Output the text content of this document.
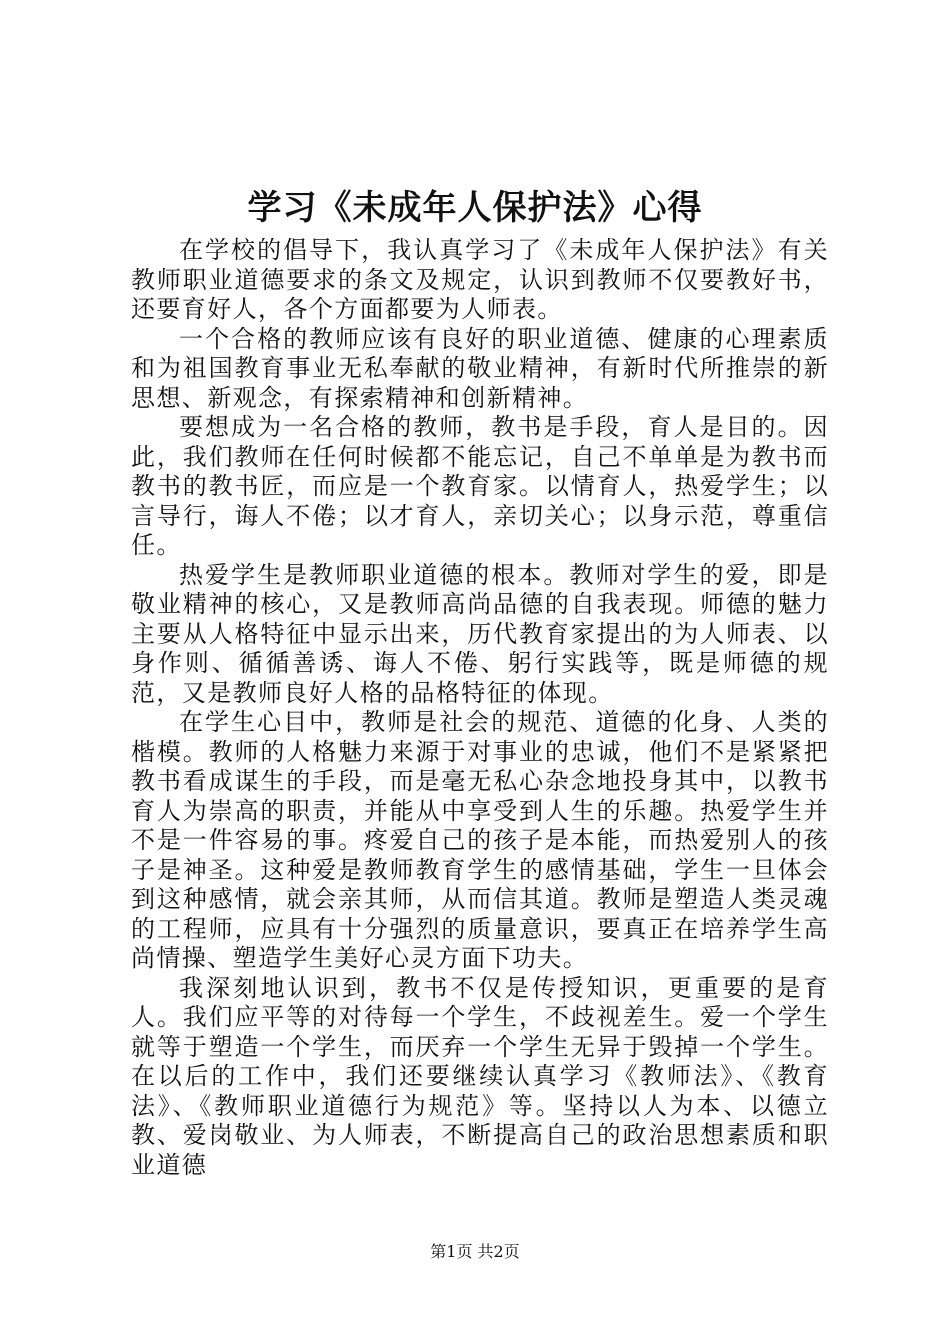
学习《未成年人保护法》心得

在学校的倡导下，我认真学习了《未成年人保护法》有关教师职业道德要求的条文及规定，认识到教师不仅要教好书，还要育好人，各个方面都要为人师表。

一个合格的教师应该有良好的职业道德、健康的心理素质和为祖国教育事业无私奉献的敬业精神，有新时代所推崇的新思想、新观念，有探索精神和创新精神。

要想成为一名合格的教师，教书是手段，育人是目的。因此，我们教师在任何时候都不能忘记，自己不单单是为教书而教书的教书匠，而应是一个教育家。以情育人，热爱学生；以言导行，诲人不倦；以才育人，亲切关心；以身示范，尊重信任。

热爱学生是教师职业道德的根本。教师对学生的爱，即是敬业精神的核心，又是教师高尚品德的自我表现。师德的魅力主要从人格特征中显示出来，历代教育家提出的为人师表、以身作则、循循善诱、诲人不倦、躬行实践等，既是师德的规范，又是教师良好人格的品格特征的体现。

在学生心目中，教师是社会的规范、道德的化身、人类的楷模。教师的人格魅力来源于对事业的忠诚，他们不是紧紧把教书看成谋生的手段，而是毫无私心杂念地投身其中，以教书育人为崇高的职责，并能从中享受到人生的乐趣。热爱学生并不是一件容易的事。疼爱自己的孩子是本能，而热爱别人的孩子是神圣。这种爱是教师教育学生的感情基础，学生一旦体会到这种感情，就会亲其师，从而信其道。教师是塑造人类灵魂的工程师，应具有十分强烈的质量意识，要真正在培养学生高尚情操、塑造学生美好心灵方面下功夫。

我深刻地认识到，教书不仅是传授知识，更重要的是育人。我们应平等的对待每一个学生，不歧视差生。爱一个学生就等于塑造一个学生，而厌弃一个学生无异于毁掉一个学生。在以后的工作中，我们还要继续认真学习《教师法》、《教育法》、《教师职业道德行为规范》等。坚持以人为本、以德立教、爱岗敬业、为人师表，不断提高自己的政治思想素质和职业道德

第1页 共2页
